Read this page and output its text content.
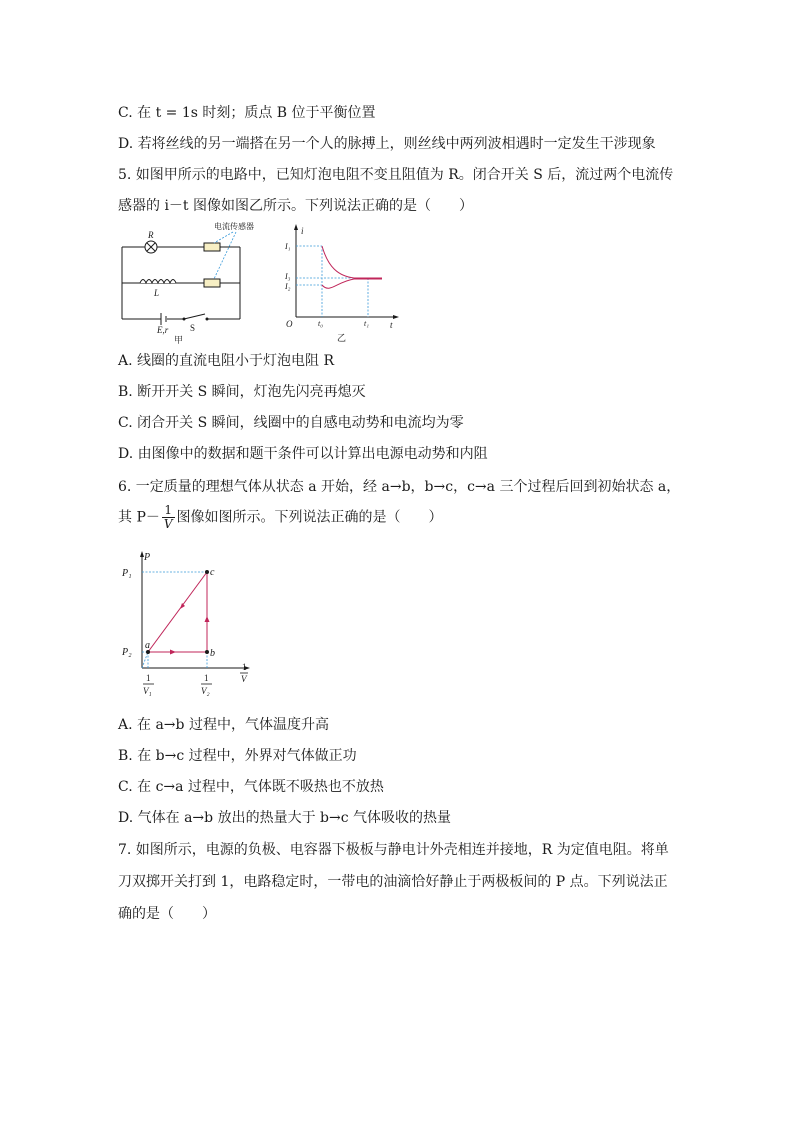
C. 在 t = 1s 时刻；质点 B 位于平衡位置
D. 若将丝线的另一端搭在另一个人的脉搏上，则丝线中两列波相遇时一定发生干涉现象
5. 如图甲所示的电路中，已知灯泡电阻不变且阻值为 R。闭合开关 S 后，流过两个电流传
感器的 i－t 图像如图乙所示。下列说法正确的是（　　）
电流传感器
R
L
E,r S
甲
i
t
O
I₁
I₃
I₂
t₀	t₁
乙
A. 线圈的直流电阻小于灯泡电阻 R
B. 断开开关 S 瞬间，灯泡先闪亮再熄灭
C. 闭合开关 S 瞬间，线圈中的自感电动势和电流均为零
D. 由图像中的数据和题干条件可以计算出电源电动势和内阻
6. 一定质量的理想气体从状态 a 开始，经 a→b，b→c，c→a 三个过程后回到初始状态 a，
其 $P- \frac{1}{V}$ 图像如图所示。下列说法正确的是（　　）
P
P₁
P₂
a
b
c
1
V
1
V₁
1
V₂
A. 在 a→b 过程中，气体温度升高
B. 在 b→c 过程中，外界对气体做正功
C. 在 c→a 过程中，气体既不吸热也不放热
D. 气体在 a→b 放出的热量大于 b→c 气体吸收的热量
7. 如图所示，电源的负极、电容器下极板与静电计外壳相连并接地，R 为定值电阻。将单
刀双掷开关打到 1，电路稳定时，一带电的油滴恰好静止于两极板间的 P 点。下列说法正
确的是（　　）
